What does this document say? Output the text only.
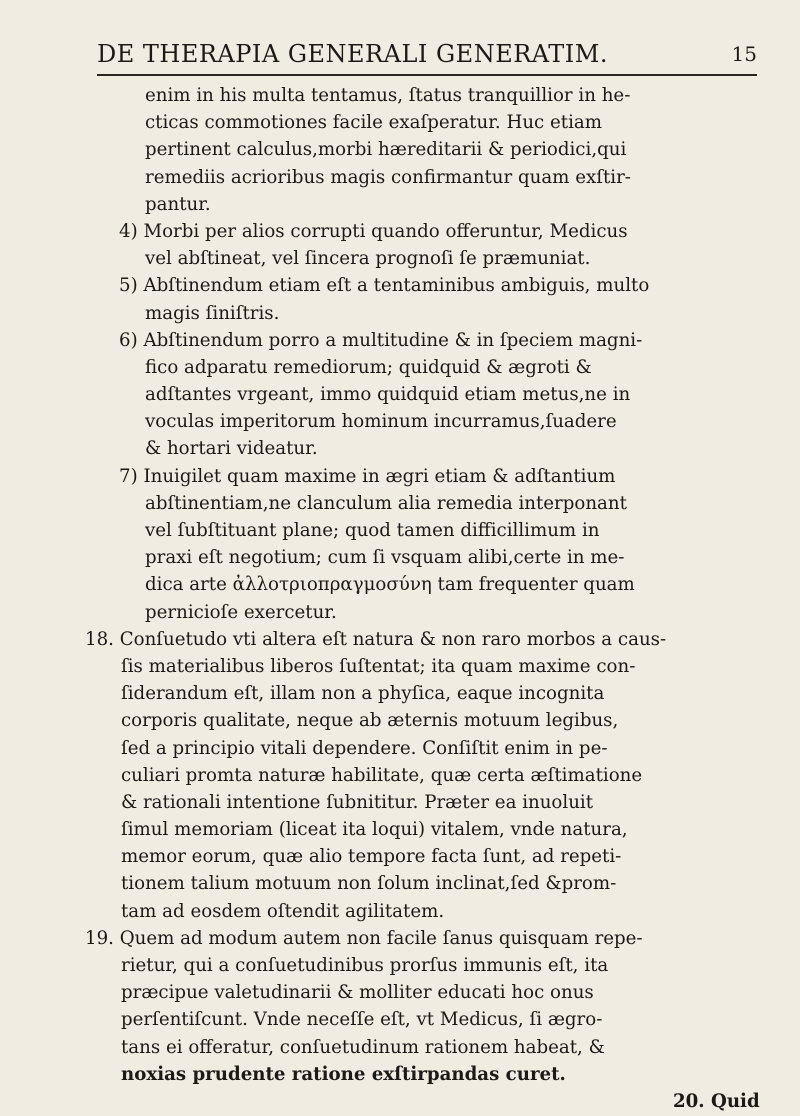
DE THERAPIA GENERALI GENERATIM.	15
enim in his multa tentamus, ſtatus tranquillior in he-
cticas commotiones facile exaſperatur. Huc etiam
pertinent calculus,morbi hæreditarii & periodici,qui
remediis acrioribus magis confirmantur quam exſtir-
pantur.
4) Morbi per alios corrupti quando offeruntur, Medicus
vel abſtineat, vel ſincera prognoſi ſe præmuniat.
5) Abſtinendum etiam eſt a tentaminibus ambiguis, multo
magis ſiniſtris.
6) Abſtinendum porro a multitudine & in ſpeciem magni-
fico adparatu remediorum; quidquid & ægroti &
adſtantes vrgeant, immo quidquid etiam metus,ne in
voculas imperitorum hominum incurramus,ſuadere
& hortari videatur.
7) Inuigilet quam maxime in ægri etiam & adſtantium
abſtinentiam,ne clanculum alia remedia interponant
vel ſubſtituant plane; quod tamen difficillimum in
praxi eſt negotium; cum ſi vsquam alibi,certe in me-
dica arte ἀλλοτριοπραγμοσύνη tam frequenter quam
pernicioſe exercetur.
18. Conſuetudo vti altera eſt natura & non raro morbos a caus-
ſis materialibus liberos ſuſtentat; ita quam maxime con-
ſiderandum eſt, illam non a phyſica, eaque incognita
corporis qualitate, neque ab æternis motuum legibus,
ſed a principio vitali dependere. Conſiſtit enim in pe-
culiari promta naturæ habilitate, quæ certa æſtimatione
& rationali intentione ſubnititur. Præter ea inuoluit
ſimul memoriam (liceat ita loqui) vitalem, vnde natura,
memor eorum, quæ alio tempore facta ſunt, ad repeti-
tionem talium motuum non ſolum inclinat,ſed &prom-
tam ad eosdem oſtendit agilitatem.
19. Quem ad modum autem non facile ſanus quisquam repe-
rietur, qui a conſuetudinibus prorſus immunis eſt, ita
præcipue valetudinarii & molliter educati hoc onus
perſentiſcunt. Vnde neceſſe eſt, vt Medicus, ſi ægro-
tans ei offeratur, conſuetudinum rationem habeat, &
noxias prudente ratione exſtirpandas curet.
20. Quid
